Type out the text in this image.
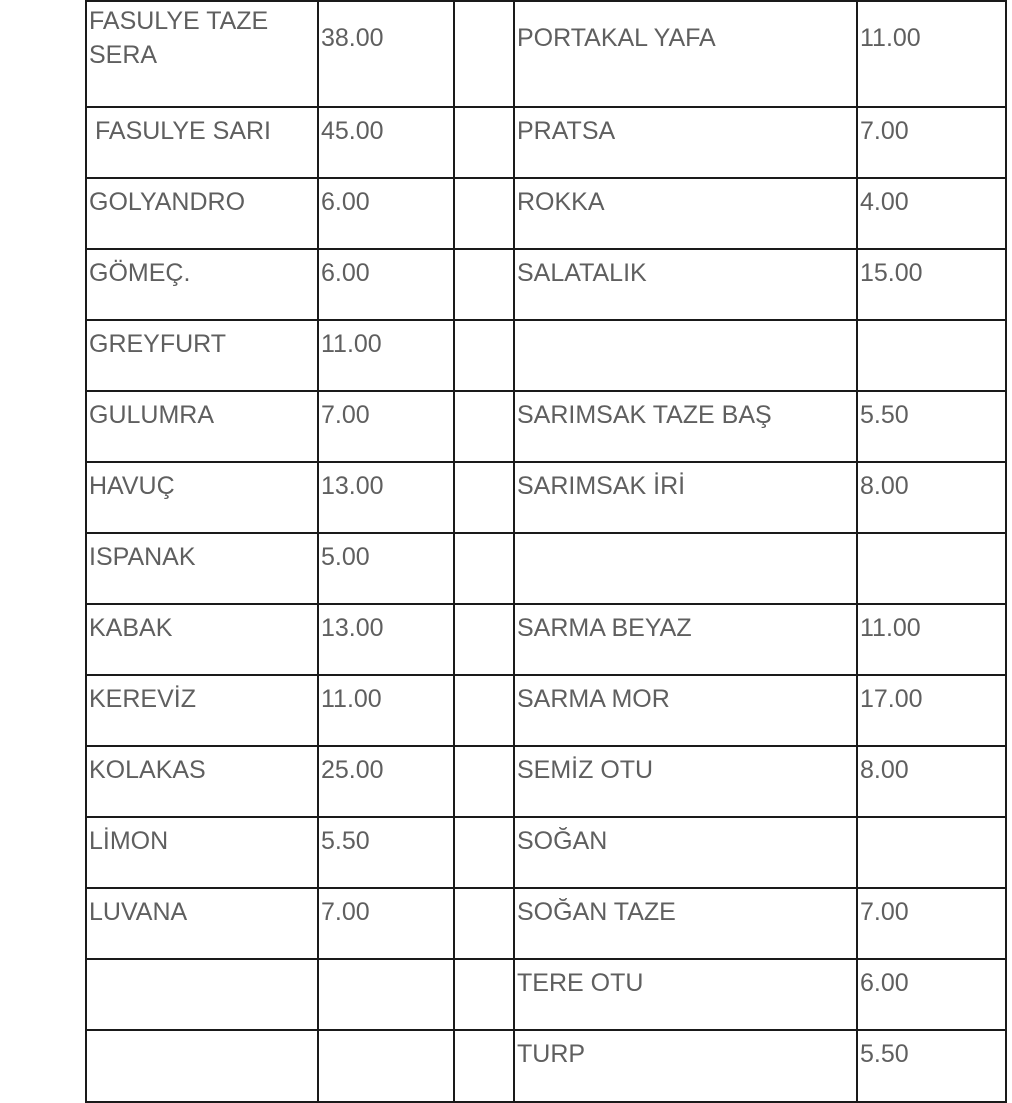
FASULYE TAZE SERA	38.00		PORTAKAL YAFA	11.00
FASULYE SARI	45.00		PRATSA	7.00
GOLYANDRO	6.00		ROKKA	4.00
GÖMEÇ.	6.00		SALATALIK	15.00
GREYFURT	11.00			
GULUMRA	7.00		SARIMSAK TAZE BAŞ	5.50
HAVUÇ	13.00		SARIMSAK İRİ	8.00
ISPANAK	5.00			
KABAK	13.00		SARMA BEYAZ	11.00
KEREVİZ	11.00		SARMA MOR	17.00
KOLAKAS	25.00		SEMİZ OTU	8.00
LİMON	5.50		SOĞAN	
LUVANA	7.00		SOĞAN TAZE	7.00
			TERE OTU	6.00
			TURP	5.50
